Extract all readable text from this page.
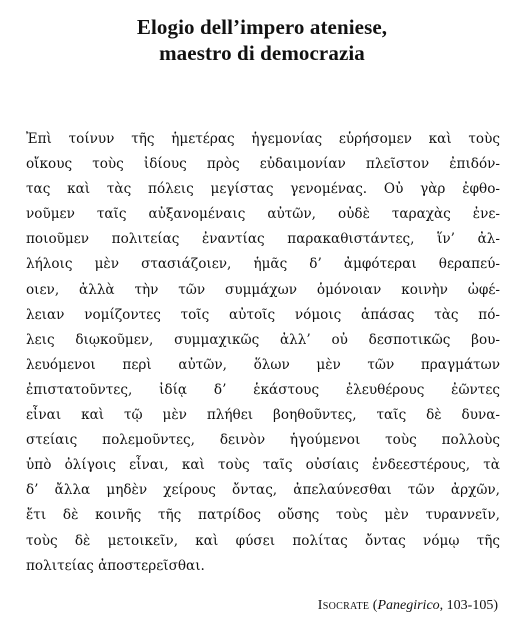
Elogio dell’impero ateniese,
maestro di democrazia
Ἐπὶ τοίνυν τῆς ἡμετέρας ἡγεμονίας εὑρήσομεν καὶ τοὺς
οἴκους τοὺς ἰδίους πρὸς εὐδαιμονίαν πλεῖστον ἐπιδόν-
τας καὶ τὰς πόλεις μεγίστας γενομένας. Οὐ γὰρ ἐφθο-
νοῦμεν ταῖς αὐξανομέναις αὐτῶν, οὐδὲ ταραχὰς ἐνε-
ποιοῦμεν πολιτείας ἐναντίας παρακαθιστάντες, ἵν’ ἀλ-
λήλοις μὲν στασιάζοιεν, ἡμᾶς δ’ ἀμφότεραι θεραπεύ-
οιεν, ἀλλὰ τὴν τῶν συμμάχων ὁμόνοιαν κοινὴν ὠφέ-
λειαν νομίζοντες τοῖς αὐτοῖς νόμοις ἁπάσας τὰς πό-
λεις διῳκοῦμεν, συμμαχικῶς ἀλλ’ οὐ δεσποτικῶς βου-
λευόμενοι περὶ αὐτῶν, ὅλων μὲν τῶν πραγμάτων
ἐπιστατοῦντες, ἰδίᾳ δ’ ἑκάστους ἐλευθέρους ἐῶντες
εἶναι καὶ τῷ μὲν πλήθει βοηθοῦντες, ταῖς δὲ δυνα-
στείαις πολεμοῦντες, δεινὸν ἡγούμενοι τοὺς πολλοὺς
ὑπὸ ὀλίγοις εἶναι, καὶ τοὺς ταῖς οὐσίαις ἐνδεεστέρους, τὰ
δ’ ἄλλα μηδὲν χείρους ὄντας, ἀπελαύνεσθαι τῶν ἀρχῶν,
ἔτι δὲ κοινῆς τῆς πατρίδος οὔσης τοὺς μὲν τυραννεῖν,
τοὺς δὲ μετοικεῖν, καὶ φύσει πολίτας ὄντας νόμῳ τῆς
πολιτείας ἀποστερεῖσθαι.
Isocrate (Panegirico, 103-105)
